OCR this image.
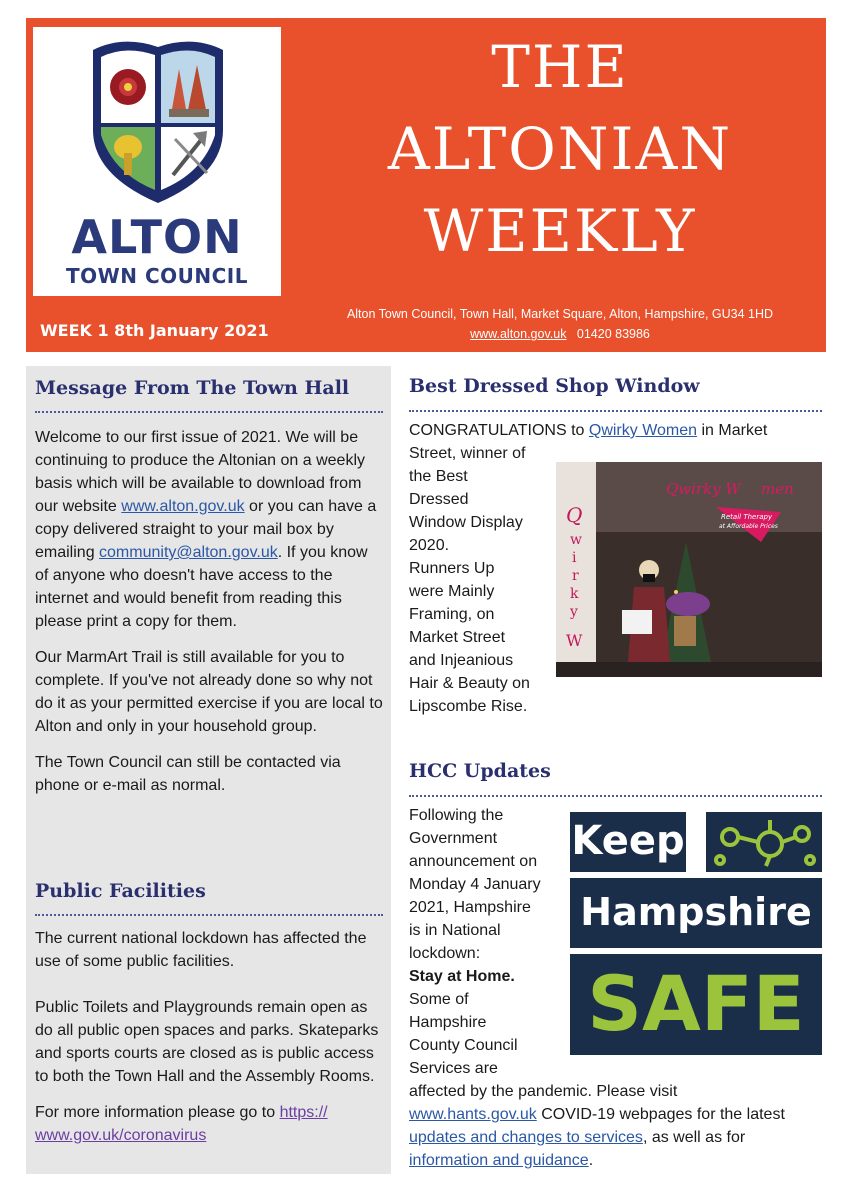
ALTON
TOWN COUNCIL
WEEK 1 8th January 2021
THE
ALTONIAN
WEEKLY
Alton Town Council, Town Hall, Market Square, Alton, Hampshire, GU34 1HD
www.alton.gov.uk 01420 83986
Message From The Town Hall

Welcome to our first issue of 2021. We will be continuing to produce the Altonian on a weekly basis which will be available to download from our website www.alton.gov.uk or you can have a copy delivered straight to your mail box by emailing community@alton.gov.uk. If you know of anyone who doesn't have access to the internet and would benefit from reading this please print a copy for them.

Our MarmArt Trail is still available for you to complete. If you've not already done so why not do it as your permitted exercise if you are local to Alton and only in your household group.

The Town Council can still be contacted via phone or e-mail as normal.

Public Facilities

The current national lockdown has affected the use of some public facilities.

Public Toilets and Playgrounds remain open as do all public open spaces and parks. Skateparks and sports courts are closed as is public access to both the Town Hall and the Assembly Rooms.

For more information please go to https://
www.gov.uk/coronavirus

Best Dressed Shop Window
CONGRATULATIONS to Qwirky Women in Market
Street, winner of
the Best
Dressed
Window Display
2020.
Runners Up
were Mainly
Framing, on
Market Street
and Injeanious
Hair & Beauty on
Lipscombe Rise.
Q
w
i
r
k
y
W
Qwirky W men
Retail Therapy
at Affordable Prices
HCC Updates
Following the
Government
announcement on
Monday 4 January
2021, Hampshire
is in National
lockdown:
Stay at Home.
Some of
Hampshire
County Council
Services are
affected by the pandemic. Please visit
www.hants.gov.uk COVID-19 webpages for the latest
updates and changes to services, as well as for
information and guidance.
Keep
Hampshire
SAFE
